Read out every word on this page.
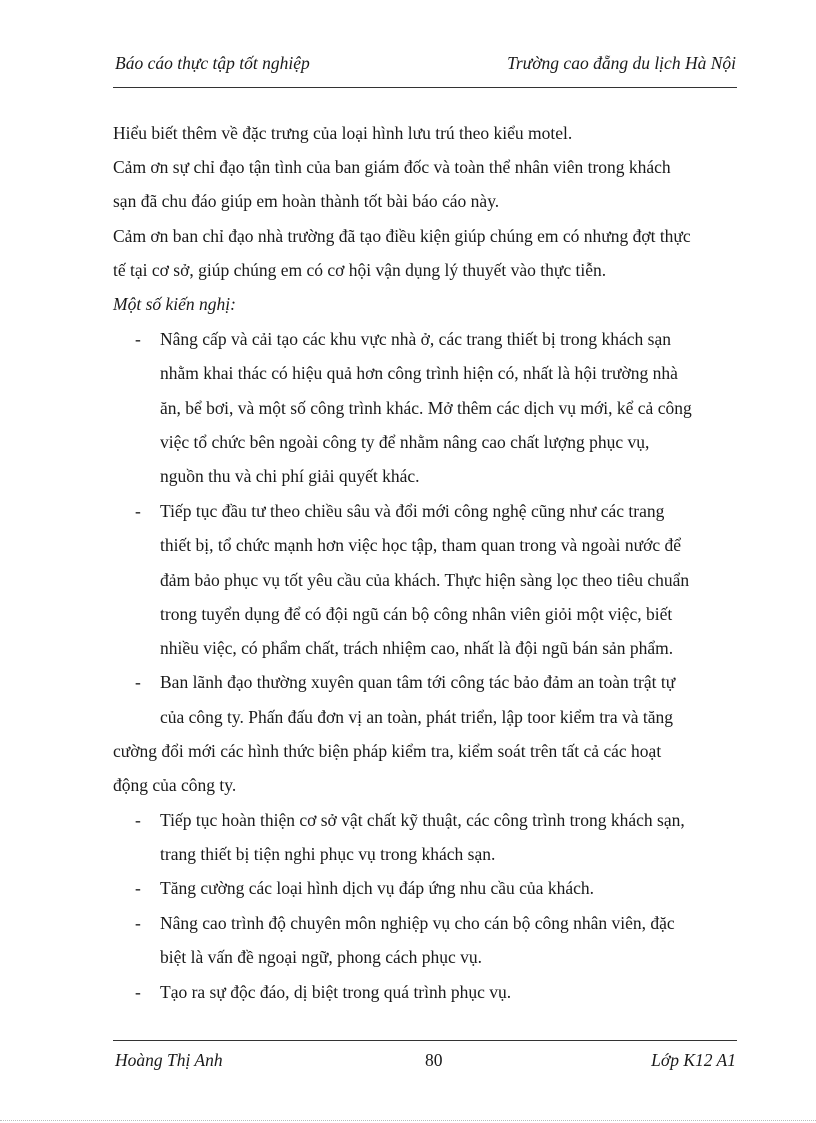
Báo cáo thực tập tốt nghiệp	Trường cao đẵng du lịch Hà Nội
Hiểu biết thêm về đặc trưng của loại hình lưu trú theo kiểu motel.
Cảm ơn sự chỉ đạo tận tình của ban giám đốc và toàn thể nhân viên trong khách
sạn đã chu đáo giúp em hoàn thành tốt bài báo cáo này.
Cảm ơn ban chỉ đạo nhà trường đã tạo điều kiện giúp chúng em có nhưng đợt thực
tế tại cơ sở, giúp chúng em có cơ hội vận dụng lý thuyết vào thực tiễn.
Một số kiến nghị:
- Nâng cấp và cải tạo các khu vực nhà ở, các trang thiết bị trong khách sạn
nhằm khai thác có hiệu quả hơn công trình hiện có, nhất là hội trường nhà
ăn, bể bơi, và một số công trình khác. Mở thêm các dịch vụ mới, kể cả công
việc tổ chức bên ngoài công ty để nhằm nâng cao chất lượng phục vụ,
nguồn thu và chi phí giải quyết khác.
- Tiếp tục đầu tư theo chiều sâu và đổi mới công nghệ cũng như các trang
thiết bị, tổ chức mạnh hơn việc học tập, tham quan trong và ngoài nước để
đảm bảo phục vụ tốt yêu cầu của khách. Thực hiện sàng lọc theo tiêu chuẩn
trong tuyển dụng để có đội ngũ cán bộ công nhân viên giỏi một việc, biết
nhiều việc, có phẩm chất, trách nhiệm cao, nhất là đội ngũ bán sản phẩm.
- Ban lãnh đạo thường xuyên quan tâm tới công tác bảo đảm an toàn trật tự
của công ty. Phấn đấu đơn vị an toàn, phát triển, lập toor kiểm tra và tăng
cường đổi mới các hình thức biện pháp kiểm tra, kiểm soát trên tất cả các hoạt
động của công ty.
- Tiếp tục hoàn thiện cơ sở vật chất kỹ thuật, các công trình trong khách sạn,
trang thiết bị tiện nghi phục vụ trong khách sạn.
- Tăng cường các loại hình dịch vụ đáp ứng nhu cầu của khách.
- Nâng cao trình độ chuyên môn nghiệp vụ cho cán bộ công nhân viên, đặc
biệt là vấn đề ngoại ngữ, phong cách phục vụ.
- Tạo ra sự độc đáo, dị biệt trong quá trình phục vụ.
Hoàng Thị Anh	80	Lớp K12 A1
